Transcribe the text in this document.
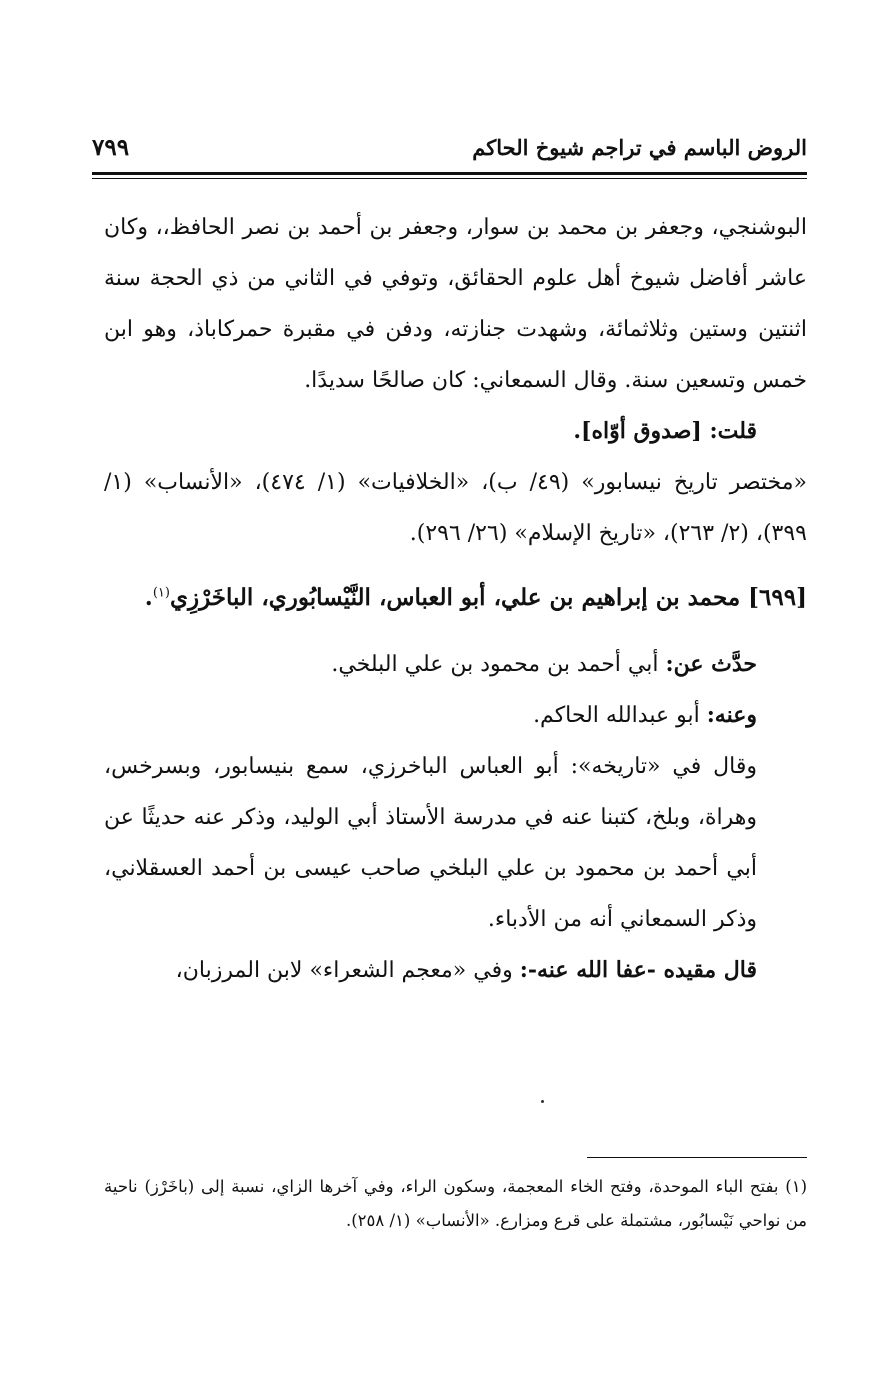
الروض الباسم في تراجم شيوخ الحاكم
٧٩٩

البوشنجي، وجعفر بن محمد بن سوار، وجعفر بن أحمد بن نصر الحافظ،، وكان عاشر أفاضل شيوخ أهل علوم الحقائق، وتوفي في الثاني من ذي الحجة سنة اثنتين وستين وثلاثمائة، وشهدت جنازته، ودفن في مقبرة حمركاباذ، وهو ابن خمس وتسعين سنة. وقال السمعاني: كان صالحًا سديدًا.

قلت: [صدوق أوّاه].

«مختصر تاريخ نيسابور» (٤٩/ ب)، «الخلافيات» (١/ ٤٧٤)، «الأنساب» (١/ ٣٩٩)، (٢/ ٢٦٣)، «تاريخ الإسلام» (٢٦/ ٢٩٦).

[٦٩٩] محمد بن إبراهيم بن علي، أبو العباس، النَّيْسابُوري، الباخَرْزِي$^{(١)}$.

حدَّث عن: أبي أحمد بن محمود بن علي البلخي.

وعنه: أبو عبدالله الحاكم.

وقال في «تاريخه»: أبو العباس الباخرزي، سمع بنيسابور، وبسرخس، وهراة، وبلخ، كتبنا عنه في مدرسة الأستاذ أبي الوليد، وذكر عنه حديثًا عن أبي أحمد بن محمود بن علي البلخي صاحب عيسى بن أحمد العسقلاني، وذكر السمعاني أنه من الأدباء.

قال مقيده -عفا الله عنه-: وفي «معجم الشعراء» لابن المرزبان،

(١) بفتح الباء الموحدة، وفتح الخاء المعجمة، وسكون الراء، وفي آخرها الزاي، نسبة إلى (باخَرْز) ناحية من نواحي نَيْسابُور، مشتملة على قرع ومزارع. «الأنساب» (١/ ٢٥٨).
